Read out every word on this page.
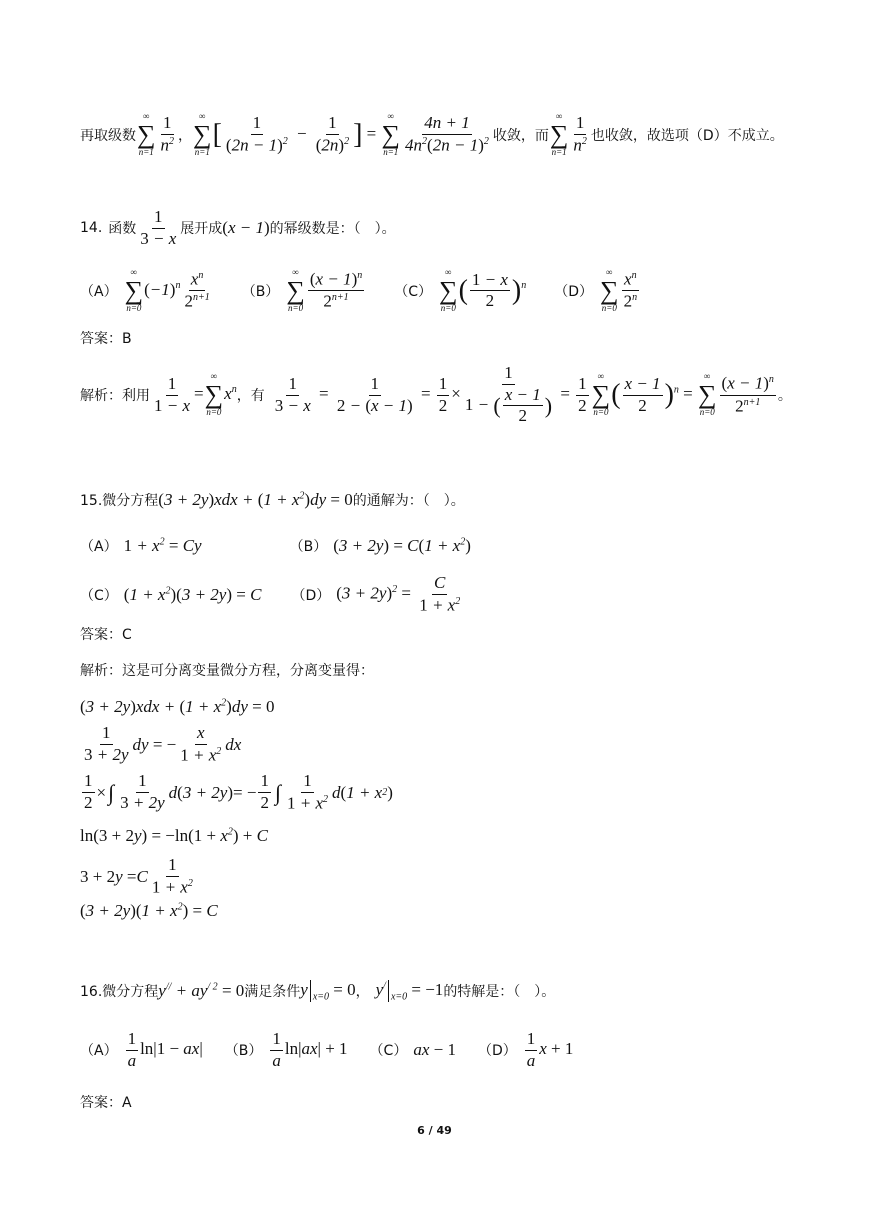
再取级数
∞
∑
$n=1 \frac{1}{n^2}$ ，
∞
∑
n=1
[ $\frac{1}{(2n - 1)^2} - \frac{1}{(2n)^2}$ ] =
∞
∑
$n=1 \frac{4n + 1}{4n^2(2n - 1)^2}$ 收敛，而
∞
∑
$n=1 \frac{1}{n^2}$ 也收敛，故选项（D）不成立。
14. 函数 $\frac{1}{3 - x}$ 展开成 (x − 1) 的幂级数是：（　）。
（A）
∞
∑
n=0
$(-1)^n \frac{x^n}{2^{n+1}} (B)$
∞
∑
$n=0 \frac{(x - 1)^n}{2^{n+1}} (C)$
∞
∑
n=0
( $\frac{1 - x}{2} )^n$ （D）
∞
∑
$n=0 \frac{x^n}{2^n}$
答案：B
解析：利用 $\frac{1}{1 - x}$ =
∞
∑
n=0
$x^n$ ，有 $\frac{1}{3 - x} = \frac{1}{2 - (x - 1)} = \frac{1}{2} \times \frac{1}{1 - ( \frac{x - 1}{2} )} = \frac{1}{2}$ ∞
∑
n=0
( $\frac{x - 1}{2} )^n$ =
∞
∑
$n=0 \frac{(x - 1)^n}{2^{n+1}}$ 。
15.微分方程 $(3 + 2y)xdx + (1 + x^2)dy = 0$ 的通解为：（　）。
（A） $1 + x^2 = Cy$	（B） $(3 + 2y) = C(1 + x^2)$
（C） $(1 + x^2)(3 + 2y) = C$ （D） $(3 + 2y)^2 = \frac{C}{1 + x^2}$
答案：C
解析：这是可分离变量微分方程，分离变量得：
$(3 + 2y)xdx + (1 + x^2)dy = 0$
$\frac{1}{3 + 2y}$ dy = − $\frac{x}{1 + x^2}$ dx
$\frac{1}{2}$ × ∫ $\frac{1}{3 + 2y}$ d ( 3 + 2y ) = − $\frac{1}{2}$ ∫ $\frac{1}{1 + x^2}$ d ( 1 + x 2 )
$\ln(3 + 2y) = -\ln(1 + x^2) + C$
3 + 2 y = C $\frac{1}{1 + x^2}$
$(3 + 2y)(1 + x^2) = C$
16.微分方程 $y^{//} + ay^{/ 2} = 0$ 满足条件 y $_{x=0}$ = 0 ， $y^/_{x=0} = -1$ 的特解是：（　）。
$(A) \frac{1}{a} \ln|1 - ax|$ $(B) \frac{1}{a} \ln|ax| + 1$ （C） ax − 1 $(D) \frac{1}{a}$ x + 1
答案：A
6 / 49
